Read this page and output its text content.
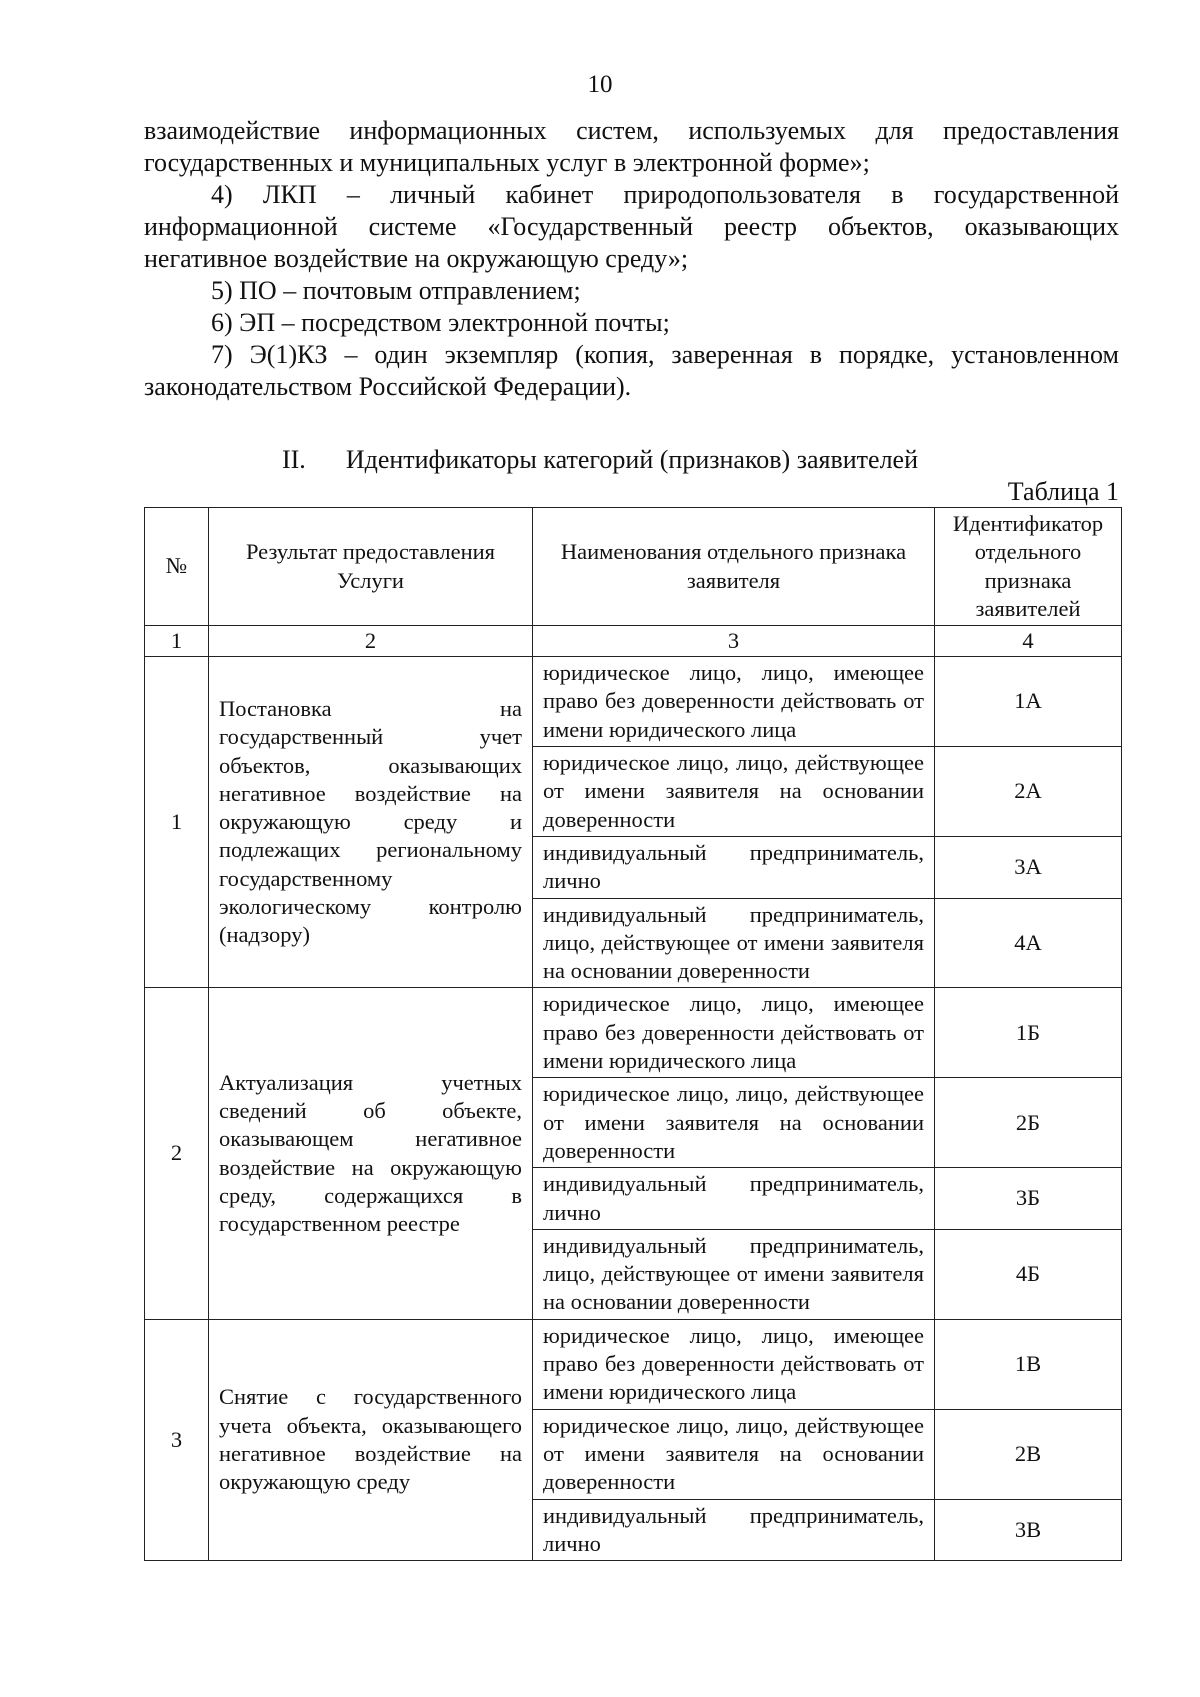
10

взаимодействие информационных систем, используемых для предоставления государственных и муниципальных услуг в электронной форме»;

4) ЛКП – личный кабинет природопользователя в государственной информационной системе «Государственный реестр объектов, оказывающих негативное воздействие на окружающую среду»;

5) ПО – почтовым отправлением;

6) ЭП – посредством электронной почты;

7) Э(1)КЗ – один экземпляр (копия, заверенная в порядке, установленном законодательством Российской Федерации).

II. Идентификаторы категорий (признаков) заявителей
Таблица 1
№	Результат предоставления Услуги	Наименования отдельного признака заявителя	Идентификатор отдельного признака заявителей
1	2	3	4
1	Постановка на государственный учет объектов, оказывающих негативное воздействие на окружающую среду и подлежащих региональному государственному экологическому контролю (надзору)	юридическое лицо, лицо, имеющее право без доверенности действовать от имени юридического лица	1А
		юридическое лицо, лицо, действующее от имени заявителя на основании доверенности	2А
		индивидуальный предприниматель, лично	3А
		индивидуальный предприниматель, лицо, действующее от имени заявителя на основании доверенности	4А
2	Актуализация учетных сведений об объекте, оказывающем негативное воздействие на окружающую среду, содержащихся в государственном реестре	юридическое лицо, лицо, имеющее право без доверенности действовать от имени юридического лица	1Б
		юридическое лицо, лицо, действующее от имени заявителя на основании доверенности	2Б
		индивидуальный предприниматель, лично	3Б
		индивидуальный предприниматель, лицо, действующее от имени заявителя на основании доверенности	4Б
3	Снятие с государственного учета объекта, оказывающего негативное воздействие на окружающую среду	юридическое лицо, лицо, имеющее право без доверенности действовать от имени юридического лица	1В
		юридическое лицо, лицо, действующее от имени заявителя на основании доверенности	2В
		индивидуальный предприниматель, лично	3В
